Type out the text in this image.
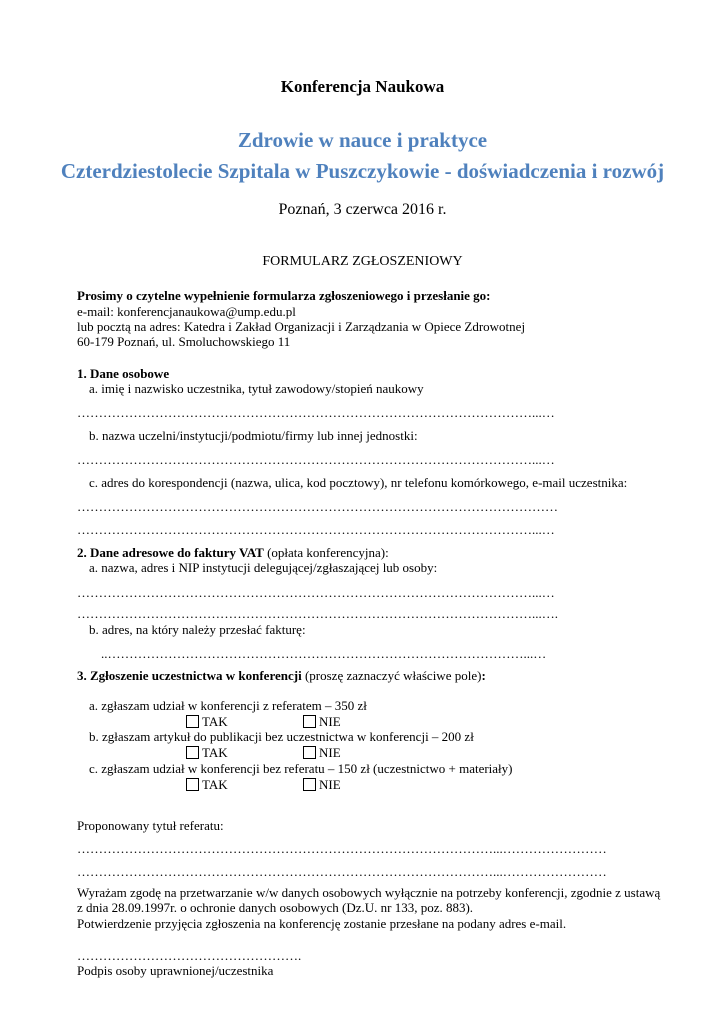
Konferencja Naukowa
Zdrowie w nauce i praktyce
Czterdziestolecie Szpitala w Puszczykowie - doświadczenia i rozwój
Poznań, 3 czerwca 2016 r.
FORMULARZ ZGŁOSZENIOWY
Prosimy o czytelne wypełnienie formularza zgłoszeniowego i przesłanie go:
e-mail: konferencjanaukowa@ump.edu.pl
lub pocztą na adres: Katedra i Zakład Organizacji i Zarządzania w Opiece Zdrowotnej
60-179 Poznań, ul. Smoluchowskiego 11
1. Dane osobowe
a. imię i nazwisko uczestnika, tytuł zawodowy/stopień naukowy
……………………………………………………………………………………………...…
b. nazwa uczelni/instytucji/podmiotu/firmy lub innej jednostki:
……………………………………………………………………………………………...…
c. adres do korespondencji (nazwa, ulica, kod pocztowy), nr telefonu komórkowego, e-mail uczestnika:
…………………………………………………………………………………………………
……………………………………………………………………………………………...…
2. Dane adresowe do faktury VAT (opłata konferencyjna):
a. nazwa, adres i NIP instytucji delegującej/zgłaszającej lub osoby:
……………………………………………………………………………………………...…
……………………………………………………………………………………………...….
b. adres, na który należy przesłać fakturę:
..……………………………………………………………………………………...…
3. Zgłoszenie uczestnictwa w konferencji (proszę zaznaczyć właściwe pole):
a. zgłaszam udział w konferencji z referatem – 350 zł
TAK	NIE
b. zgłaszam artykuł do publikacji bez uczestnictwa w konferencji – 200 zł
TAK	NIE
c. zgłaszam udział w konferencji bez referatu – 150 zł (uczestnictwo + materiały)
TAK	NIE
Proponowany tytuł referatu:
……………………………………………………………………………………...……………………
……………………………………………………………………………………...……………………
Wyrażam zgodę na przetwarzanie w/w danych osobowych wyłącznie na potrzeby konferencji, zgodnie z ustawą
z dnia 28.09.1997r. o ochronie danych osobowych (Dz.U. nr 133, poz. 883).
Potwierdzenie przyjęcia zgłoszenia na konferencję zostanie przesłane na podany adres e-mail.
…………………………………………….
Podpis osoby uprawnionej/uczestnika
